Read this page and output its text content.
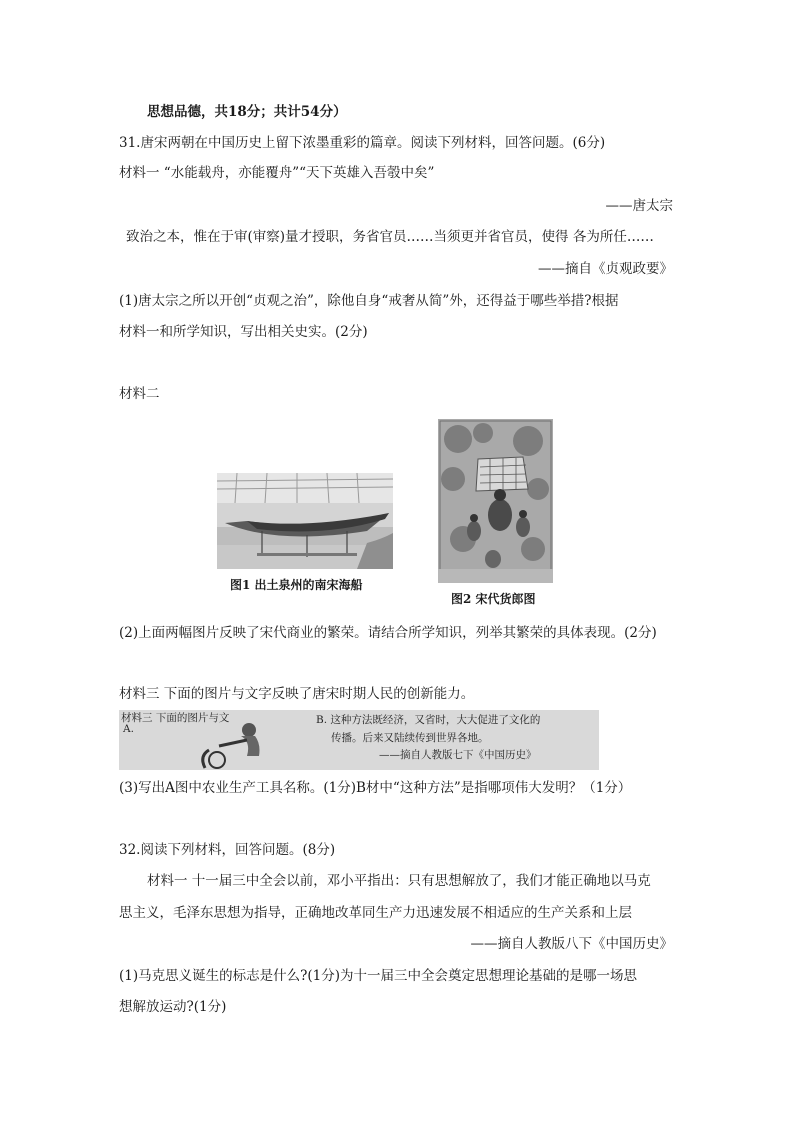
思想品德，共18分；共计54分）
31.唐宋两朝在中国历史上留下浓墨重彩的篇章。阅读下列材料，回答问题。(6分)
材料一 “水能载舟，亦能覆舟”“天下英雄入吾彀中矣”
——唐太宗
致治之本，惟在于审(审察)量才授职，务省官员……当须更并省官员，使得 各为所任……
——摘自《贞观政要》
(1)唐太宗之所以开创“贞观之治”，除他自身“戒奢从简”外，还得益于哪些举措?根据
材料一和所学知识，写出相关史实。(2分)
材料二
图1 出土泉州的南宋海船
图2 宋代货郎图
(2)上面两幅图片反映了宋代商业的繁荣。请结合所学知识，列举其繁荣的具体表现。(2分)
材料三 下面的图片与文字反映了唐宋时期人民的创新能力。
材料三 下面的图片与文
A.
B. 这种方法既经济，又省时，大大促进了文化的
传播。后来又陆续传到世界各地。
——摘自人教版七下《中国历史》
(3)写出A图中农业生产工具名称。(1分)B材中“这种方法”是指哪项伟大发明？（1分）
32.阅读下列材料，回答问题。(8分)
材料一 十一届三中全会以前，邓小平指出：只有思想解放了，我们才能正确地以马克
思主义，毛泽东思想为指导，正确地改革同生产力迅速发展不相适应的生产关系和上层
——摘自人教版八下《中国历史》
(1)马克思义诞生的标志是什么?(1分)为十一届三中全会奠定思想理论基础的是哪一场思
想解放运动?(1分)
